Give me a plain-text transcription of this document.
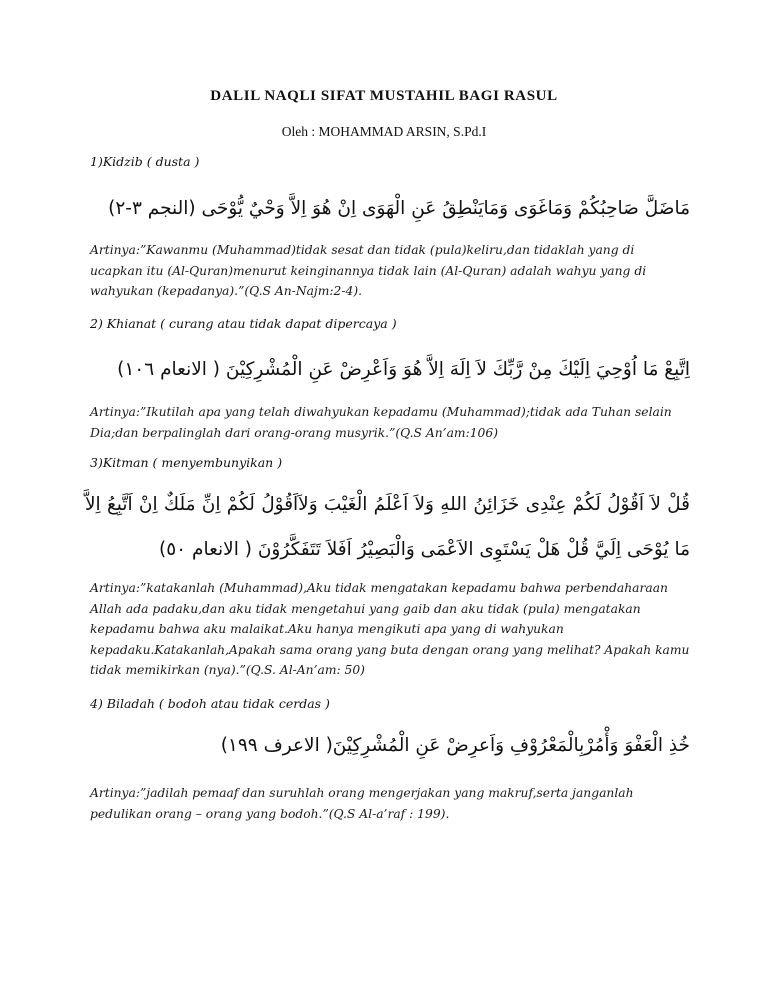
DALIL NAQLI SIFAT MUSTAHIL BAGI RASUL
Oleh : MOHAMMAD ARSIN, S.Pd.I
1)Kidzib ( dusta )
مَاضَلَّ صَاحِبُكُمْ وَمَاغَوَى وَمَايَنْطِقُ عَنِ الْهَوَى اِنْ هُوَ اِلاَّ وَحْيٌ يُّوْحَى (النجم ٣-٢)
Artinya:”Kawanmu (Muhammad)tidak sesat dan tidak (pula)keliru,dan tidaklah yang di ucapkan itu (Al-Quran)menurut keinginannya tidak lain (Al-Quran) adalah wahyu yang di wahyukan (kepadanya).”(Q.S An-Najm:2-4).
2) Khianat ( curang atau tidak dapat dipercaya )
اِتَّبِعْ مَا اُوْحِيَ اِلَيْكَ مِنْ رَّبِّكَ لاَ اِلَهَ اِلاَّ هُوَ وَاَعْرِضْ عَنِ الْمُشْرِكِيْنَ ( الانعام ١٠٦)
Artinya:”Ikutilah apa yang telah diwahyukan kepadamu (Muhammad);tidak ada Tuhan selain Dia;dan berpalinglah dari orang-orang musyrik.”(Q.S An’am:106)
3)Kitman ( menyembunyikan )
قُلْ لاَ اَقُوْلُ لَكُمْ عِنْدِى خَزَائِنُ اللهِ وَلاَ اَعْلَمُ الْغَيْبَ وَلاَاَقُوْلُ لَكُمْ اِنِّ مَلَكٌ اِنْ اَتَّبِعُ اِلاَّ مَا يُوْحَى اِلَيَّ قُلْ هَلْ يَسْتَوِى الاَعْمَى وَالْبَصِيْرُ اَفَلاَ تَتَفَكَّرُوْنَ ( الانعام ٥٠)
Artinya:”katakanlah (Muhammad),Aku tidak mengatakan kepadamu bahwa perbendaharaan Allah ada padaku,dan aku tidak mengetahui yang gaib dan aku tidak (pula) mengatakan kepadamu bahwa aku malaikat.Aku hanya mengikuti apa yang di wahyukan kepadaku.Katakanlah,Apakah sama orang yang buta dengan orang yang melihat? Apakah kamu tidak memikirkan (nya).”(Q.S. Al-An’am: 50)
4) Biladah ( bodoh atau tidak cerdas )
خُذِ الْعَفْوَ وَأْمُرْبِالْمَعْرُوْفِ وَاَعرِضْ عَنِ الْمُشْرِكِيْنَ( الاعرف ١٩٩)
Artinya:”jadilah pemaaf dan suruhlah orang mengerjakan yang makruf,serta janganlah pedulikan orang – orang yang bodoh.”(Q.S Al-a’raf : 199).
